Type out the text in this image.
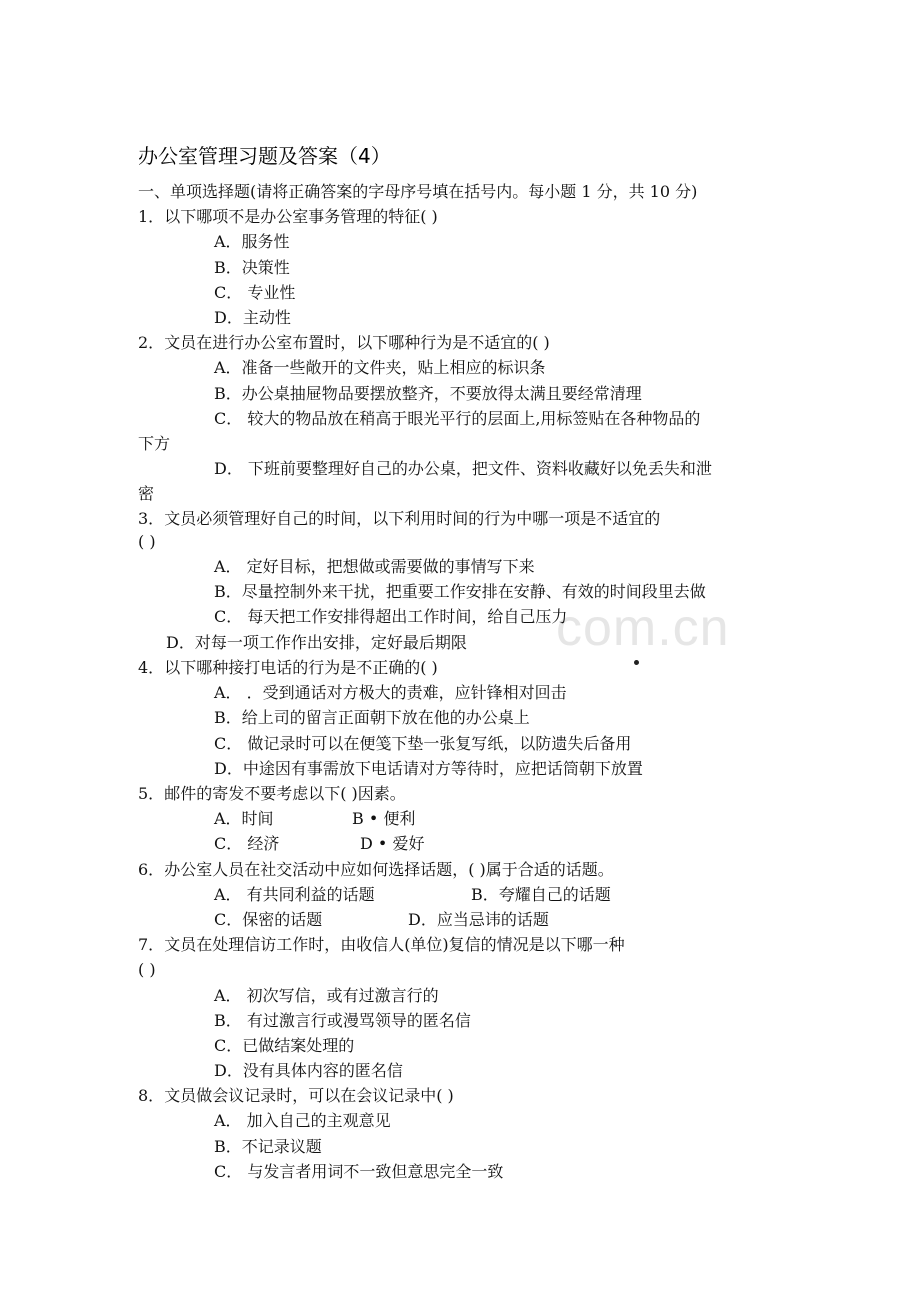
com.cn
办公室管理习题及答案（4）
一、单项选择题(请将正确答案的字母序号填在括号内。每小题 1 分，共 10 分)
1．以下哪项不是办公室事务管理的特征( )
A．服务性
B．决策性
C． 专业性
D．主动性
2．文员在进行办公室布置时，以下哪种行为是不适宜的( )
A．准备一些敞开的文件夹，贴上相应的标识条
B．办公桌抽屉物品要摆放整齐，不要放得太满且要经常清理
C． 较大的物品放在稍高于眼光平行的层面上,用标签贴在各种物品的
下方
D． 下班前要整理好自己的办公桌，把文件、资料收藏好以免丢失和泄
密
3．文员必须管理好自己的时间，以下利用时间的行为中哪一项是不适宜的
( )
A． 定好目标，把想做或需要做的事情写下来
B．尽量控制外来干扰，把重要工作安排在安静、有效的时间段里去做
C． 每天把工作安排得超出工作时间，给自己压力
D．对每一项工作作出安排，定好最后期限
4．以下哪种接打电话的行为是不正确的( )
A． ．受到通话对方极大的责难，应针锋相对回击
B．给上司的留言正面朝下放在他的办公桌上
C． 做记录时可以在便笺下垫一张复写纸，以防遗失后备用
D．中途因有事需放下电话请对方等待时，应把话筒朝下放置
5．邮件的寄发不要考虑以下( )因素。
A．时间	B • 便利
C． 经济	D • 爱好
6．办公室人员在社交活动中应如何选择话题，( )属于合适的话题。
A． 有共同利益的话题	B．夸耀自己的话题
C．保密的话题	D．应当忌讳的话题
7．文员在处理信访工作时，由收信人(单位)复信的情况是以下哪一种
( )
A． 初次写信，或有过激言行的
B． 有过激言行或漫骂领导的匿名信
C．已做结案处理的
D．没有具体内容的匿名信
8．文员做会议记录时，可以在会议记录中( )
A． 加入自己的主观意见
B．不记录议题
C． 与发言者用词不一致但意思完全一致
